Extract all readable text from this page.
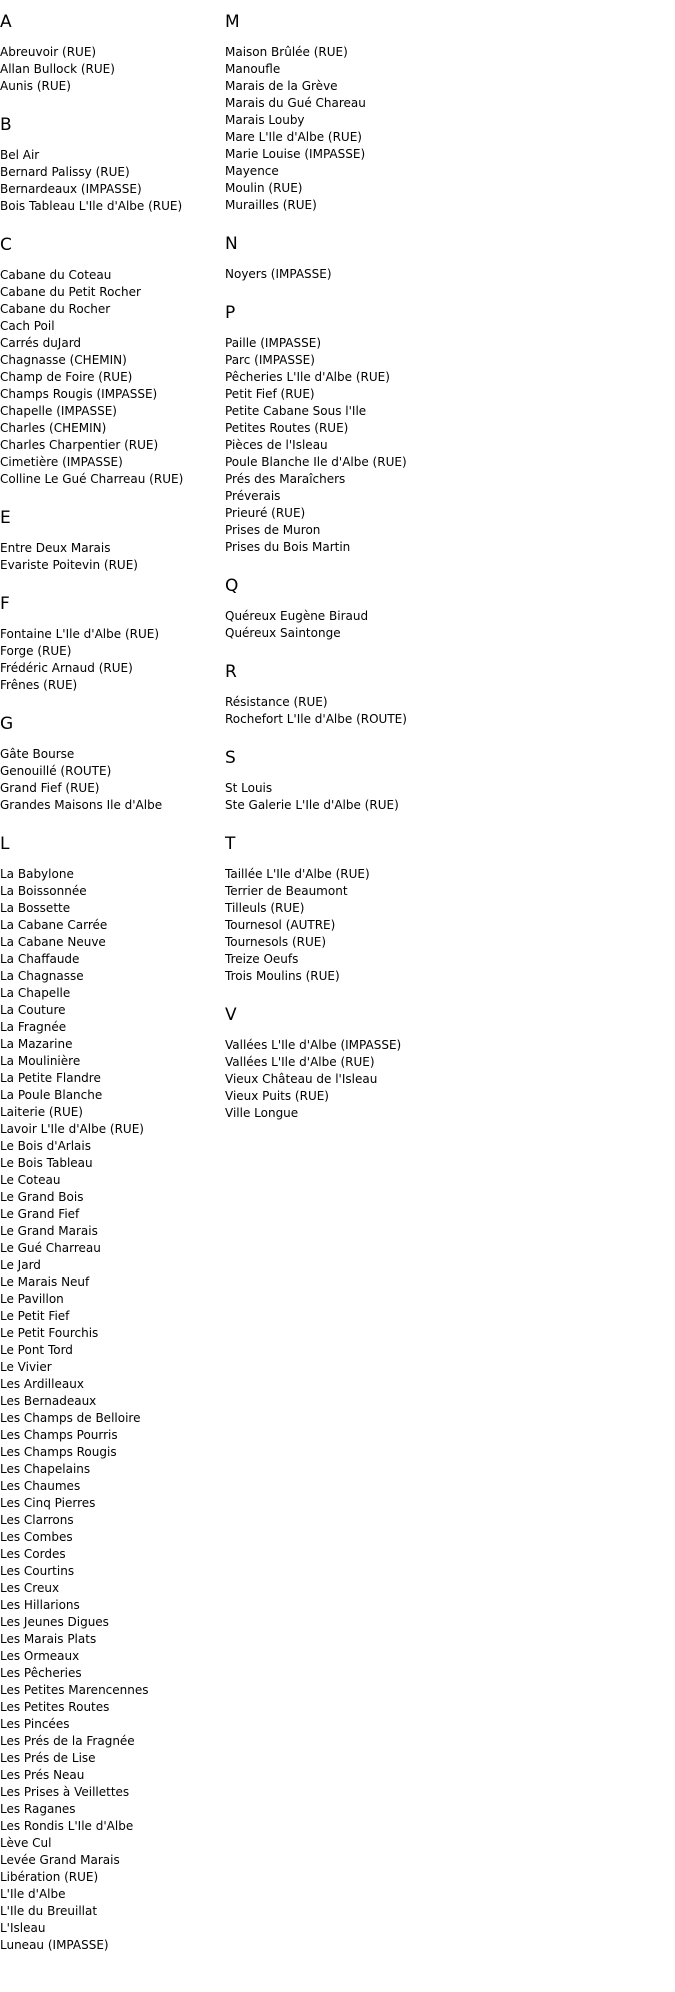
A
Abreuvoir (RUE)
Allan Bullock (RUE)
Aunis (RUE)
B
Bel Air
Bernard Palissy (RUE)
Bernardeaux (IMPASSE)
Bois Tableau L'Ile d'Albe (RUE)
C
Cabane du Coteau
Cabane du Petit Rocher
Cabane du Rocher
Cach Poil
Carrés duJard
Chagnasse (CHEMIN)
Champ de Foire (RUE)
Champs Rougis (IMPASSE)
Chapelle (IMPASSE)
Charles (CHEMIN)
Charles Charpentier (RUE)
Cimetière (IMPASSE)
Colline Le Gué Charreau (RUE)
E
Entre Deux Marais
Evariste Poitevin (RUE)
F
Fontaine L'Ile d'Albe (RUE)
Forge (RUE)
Frédéric Arnaud (RUE)
Frênes (RUE)
G
Gâte Bourse
Genouillé (ROUTE)
Grand Fief (RUE)
Grandes Maisons Ile d'Albe
L
La Babylone
La Boissonnée
La Bossette
La Cabane Carrée
La Cabane Neuve
La Chaffaude
La Chagnasse
La Chapelle
La Couture
La Fragnée
La Mazarine
La Moulinière
La Petite Flandre
La Poule Blanche
Laiterie (RUE)
Lavoir L'Ile d'Albe (RUE)
Le Bois d'Arlais
Le Bois Tableau
Le Coteau
Le Grand Bois
Le Grand Fief
Le Grand Marais
Le Gué Charreau
Le Jard
Le Marais Neuf
Le Pavillon
Le Petit Fief
Le Petit Fourchis
Le Pont Tord
Le Vivier
Les Ardilleaux
Les Bernadeaux
Les Champs de Belloire
Les Champs Pourris
Les Champs Rougis
Les Chapelains
Les Chaumes
Les Cinq Pierres
Les Clarrons
Les Combes
Les Cordes
Les Courtins
Les Creux
Les Hillarions
Les Jeunes Digues
Les Marais Plats
Les Ormeaux
Les Pêcheries
Les Petites Marencennes
Les Petites Routes
Les Pincées
Les Prés de la Fragnée
Les Prés de Lise
Les Prés Neau
Les Prises à Veillettes
Les Raganes
Les Rondis L'Ile d'Albe
Lève Cul
Levée Grand Marais
Libération (RUE)
L'Ile d'Albe
L'Ile du Breuillat
L'Isleau
Luneau (IMPASSE)
M
Maison Brûlée (RUE)
Manoufle
Marais de la Grève
Marais du Gué Chareau
Marais Louby
Mare L'Ile d'Albe (RUE)
Marie Louise (IMPASSE)
Mayence
Moulin (RUE)
Murailles (RUE)
N
Noyers (IMPASSE)
P
Paille (IMPASSE)
Parc (IMPASSE)
Pêcheries L'Ile d'Albe (RUE)
Petit Fief (RUE)
Petite Cabane Sous l'Ile
Petites Routes (RUE)
Pièces de l'Isleau
Poule Blanche Ile d'Albe (RUE)
Prés des Maraîchers
Préverais
Prieuré (RUE)
Prises de Muron
Prises du Bois Martin
Q
Quéreux Eugène Biraud
Quéreux Saintonge
R
Résistance (RUE)
Rochefort L'Ile d'Albe (ROUTE)
S
St Louis
Ste Galerie L'Ile d'Albe (RUE)
T
Taillée L'Ile d'Albe (RUE)
Terrier de Beaumont
Tilleuls (RUE)
Tournesol (AUTRE)
Tournesols (RUE)
Treize Oeufs
Trois Moulins (RUE)
V
Vallées L'Ile d'Albe (IMPASSE)
Vallées L'Ile d'Albe (RUE)
Vieux Château de l'Isleau
Vieux Puits (RUE)
Ville Longue
